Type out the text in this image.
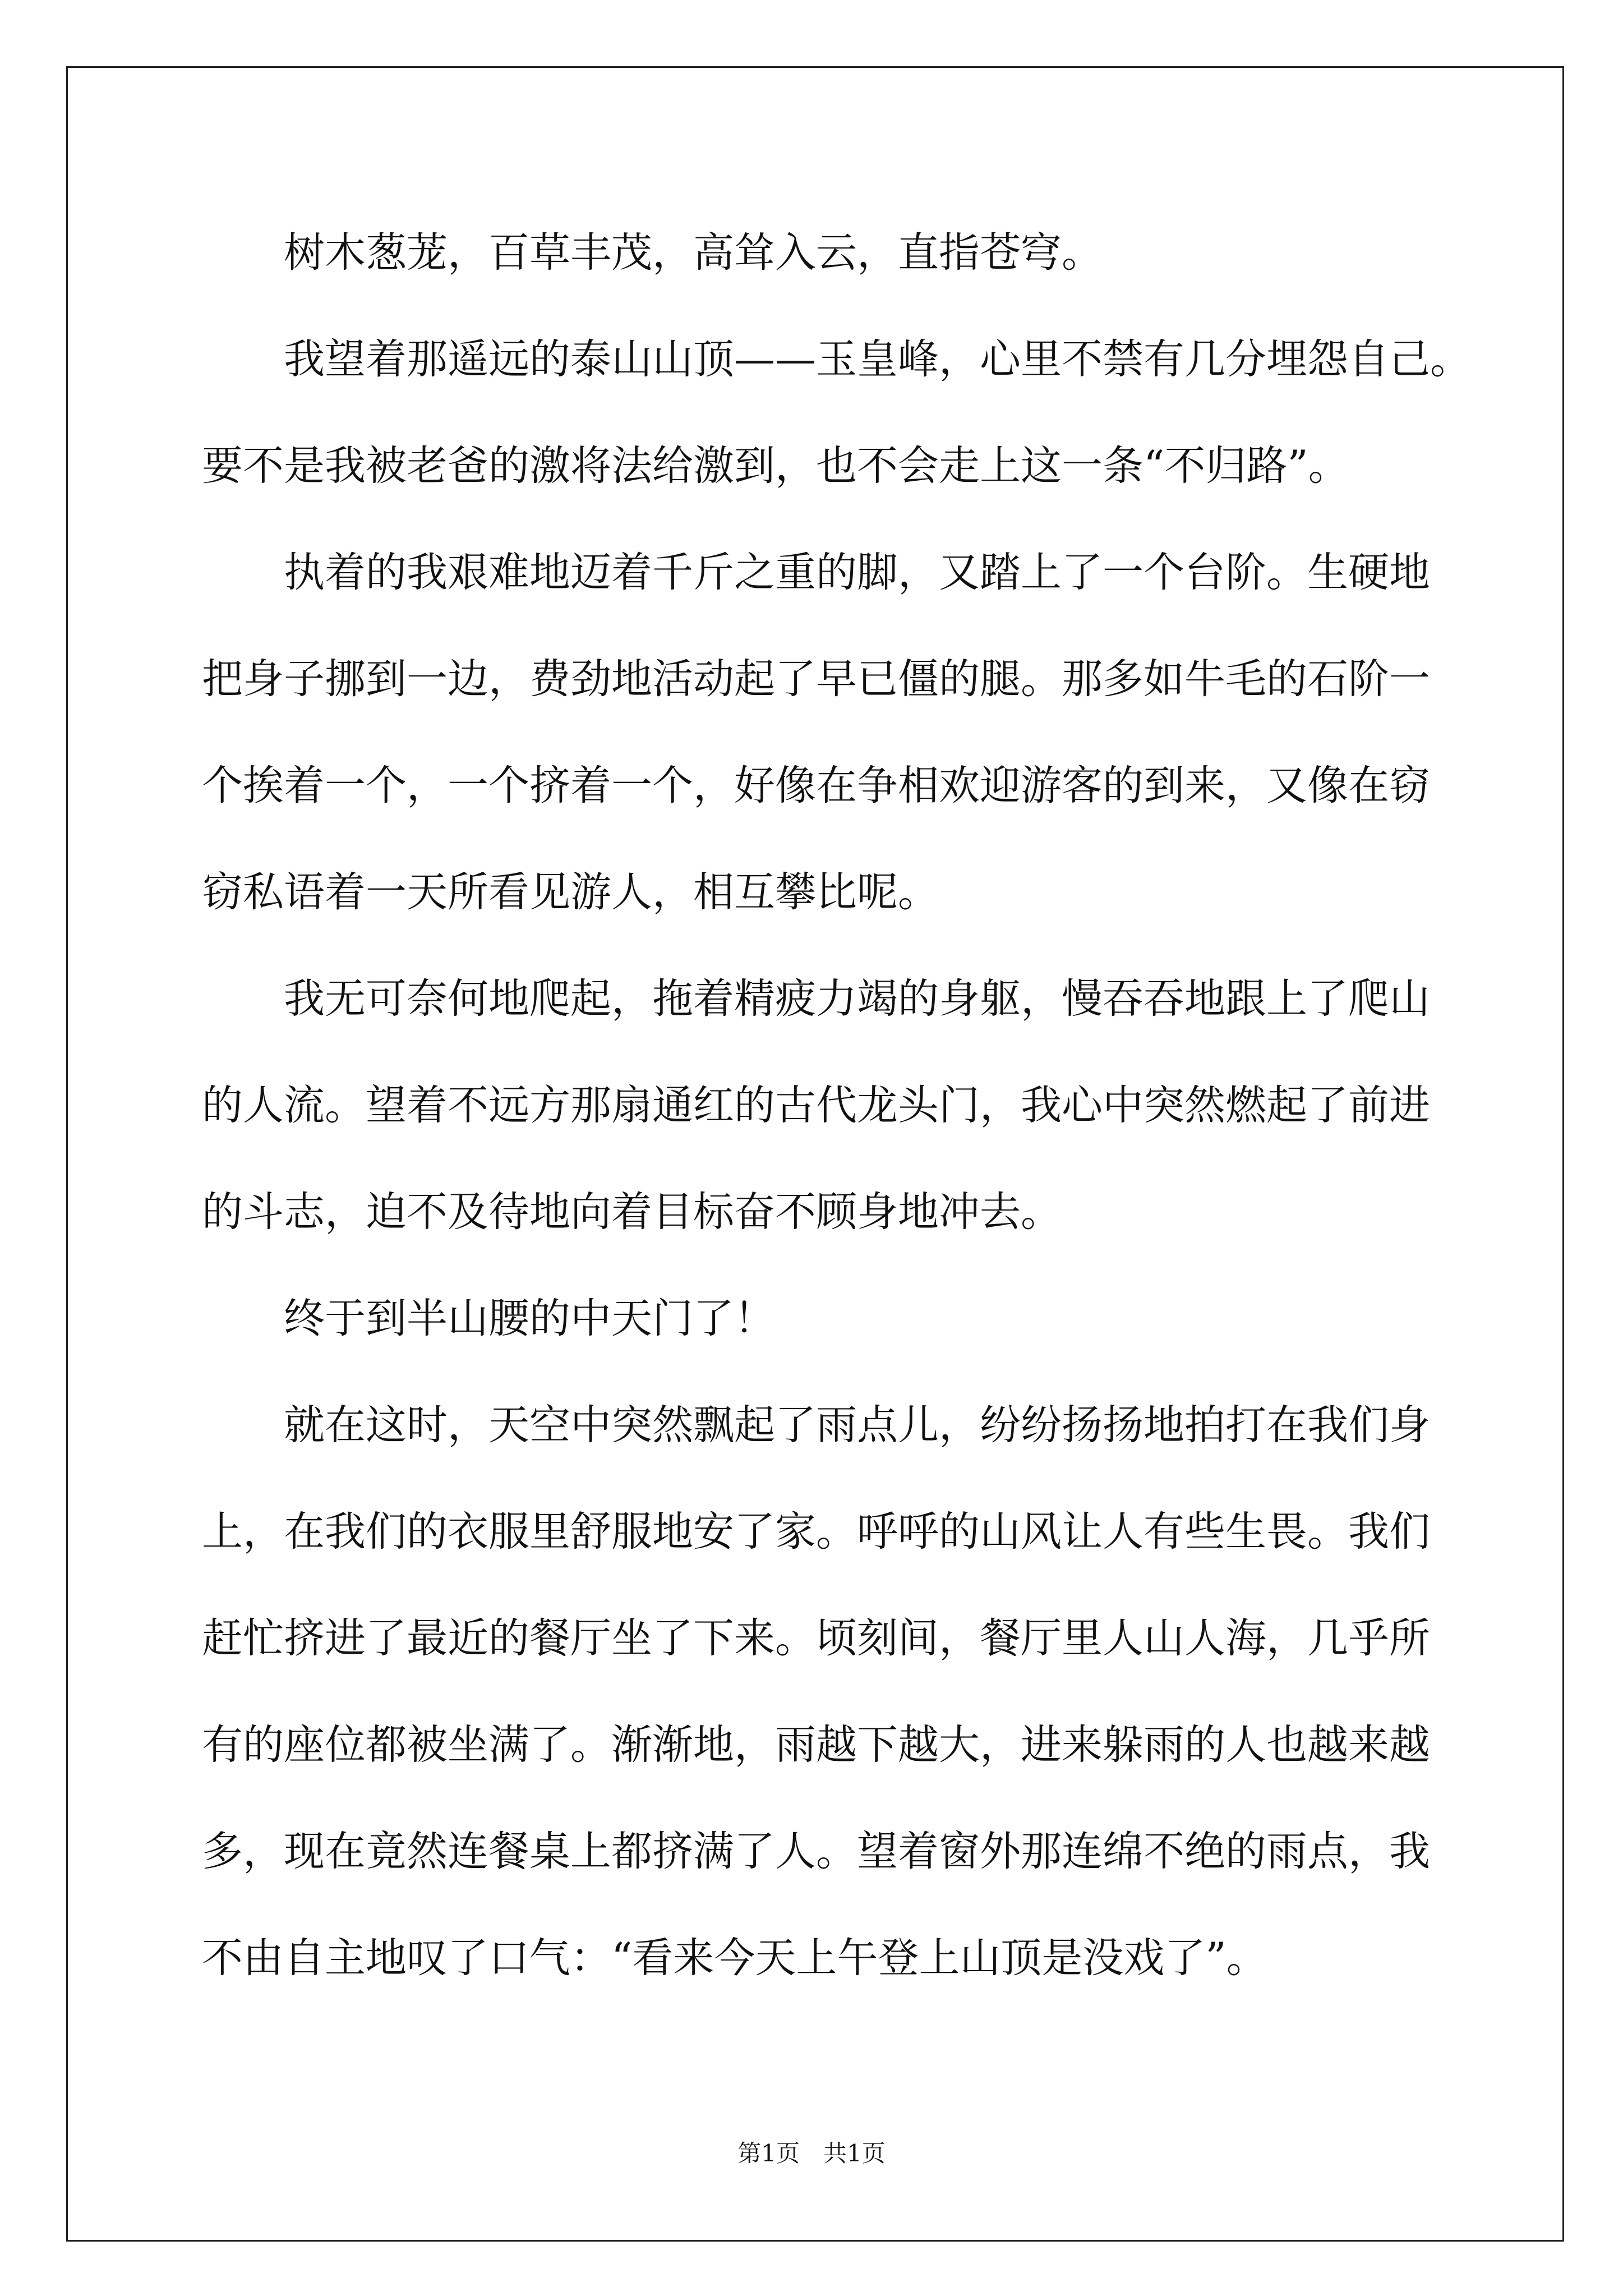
树木葱茏，百草丰茂，高耸入云，直指苍穹。
我望着那遥远的泰山山顶——玉皇峰，心里不禁有几分埋怨自己。
要不是我被老爸的激将法给激到，也不会走上这一条“不归路”。
执着的我艰难地迈着千斤之重的脚，又踏上了一个台阶。生硬地
把身子挪到一边，费劲地活动起了早已僵的腿。那多如牛毛的石阶一
个挨着一个，一个挤着一个，好像在争相欢迎游客的到来，又像在窃
窃私语着一天所看见游人，相互攀比呢。
我无可奈何地爬起，拖着精疲力竭的身躯，慢吞吞地跟上了爬山
的人流。望着不远方那扇通红的古代龙头门，我心中突然燃起了前进
的斗志，迫不及待地向着目标奋不顾身地冲去。
终于到半山腰的中天门了！
就在这时，天空中突然飘起了雨点儿，纷纷扬扬地拍打在我们身
上，在我们的衣服里舒服地安了家。呼呼的山风让人有些生畏。我们
赶忙挤进了最近的餐厅坐了下来。顷刻间，餐厅里人山人海，几乎所
有的座位都被坐满了。渐渐地，雨越下越大，进来躲雨的人也越来越
多，现在竟然连餐桌上都挤满了人。望着窗外那连绵不绝的雨点，我
不由自主地叹了口气：“看来今天上午登上山顶是没戏了”。
第1页　共1页
